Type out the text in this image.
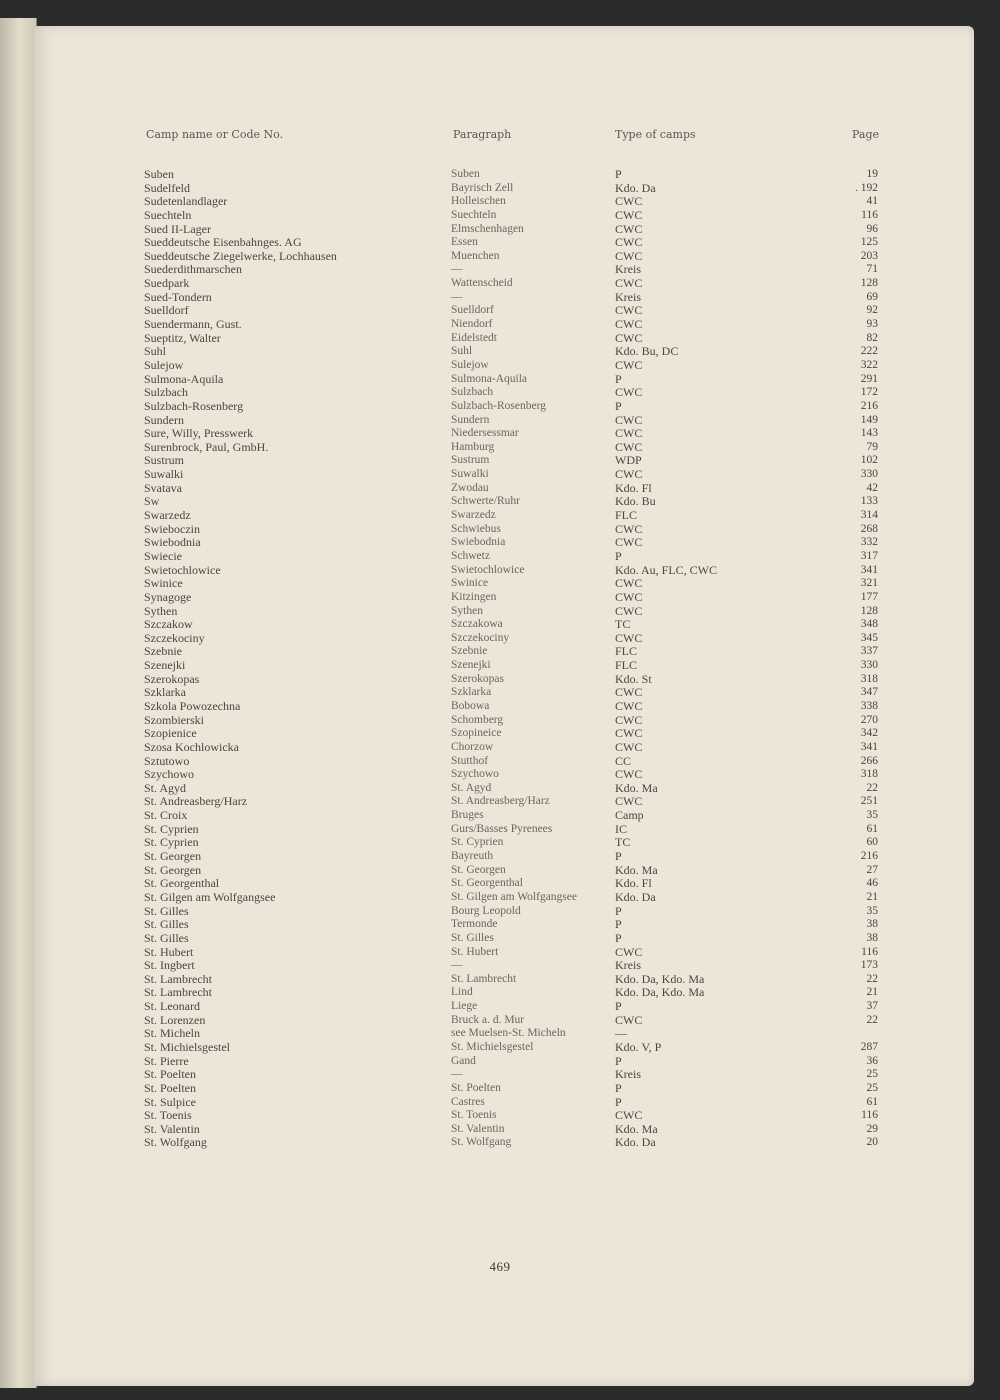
Camp name or Code No.	Paragraph	Type of camps	Page
Suben	Suben	P	19
Sudelfeld	Bayrisch Zell	Kdo. Da	. 192
Sudetenlandlager	Holleischen	CWC	41
Suechteln	Suechteln	CWC	116
Sued II-Lager	Elmschenhagen	CWC	96
Sueddeutsche Eisenbahnges. AG	Essen	CWC	125
Sueddeutsche Ziegelwerke, Lochhausen	Muenchen	CWC	203
Suederdithmarschen	—	Kreis	71
Suedpark	Wattenscheid	CWC	128
Sued-Tondern	—	Kreis	69
Suelldorf	Suelldorf	CWC	92
Suendermann, Gust.	Niendorf	CWC	93
Sueptitz, Walter	Eidelstedt	CWC	82
Suhl	Suhl	Kdo. Bu, DC	222
Sulejow	Sulejow	CWC	322
Sulmona-Aquila	Sulmona-Aquila	P	291
Sulzbach	Sulzbach	CWC	172
Sulzbach-Rosenberg	Sulzbach-Rosenberg	P	216
Sundern	Sundern	CWC	149
Sure, Willy, Presswerk	Niedersessmar	CWC	143
Surenbrock, Paul, GmbH.	Hamburg	CWC	79
Sustrum	Sustrum	WDP	102
Suwalki	Suwalki	CWC	330
Svatava	Zwodau	Kdo. Fl	42
Sw	Schwerte/Ruhr	Kdo. Bu	133
Swarzedz	Swarzedz	FLC	314
Swieboczin	Schwiebus	CWC	268
Swiebodnia	Swiebodnia	CWC	332
Swiecie	Schwetz	P	317
Swietochlowice	Swietochlowice	Kdo. Au, FLC, CWC	341
Swinice	Swinice	CWC	321
Synagoge	Kitzingen	CWC	177
Sythen	Sythen	CWC	128
Szczakow	Szczakowa	TC	348
Szczekociny	Szczekociny	CWC	345
Szebnie	Szebnie	FLC	337
Szenejki	Szenejki	FLC	330
Szerokopas	Szerokopas	Kdo. St	318
Szklarka	Szklarka	CWC	347
Szkola Powozechna	Bobowa	CWC	338
Szombierski	Schomberg	CWC	270
Szopienice	Szopineice	CWC	342
Szosa Kochlowicka	Chorzow	CWC	341
Sztutowo	Stutthof	CC	266
Szychowo	Szychowo	CWC	318
St. Agyd	St. Agyd	Kdo. Ma	22
St. Andreasberg/Harz	St. Andreasberg/Harz	CWC	251
St. Croix	Bruges	Camp	35
St. Cyprien	Gurs/Basses Pyrenees	IC	61
St. Cyprien	St. Cyprien	TC	60
St. Georgen	Bayreuth	P	216
St. Georgen	St. Georgen	Kdo. Ma	27
St. Georgenthal	St. Georgenthal	Kdo. Fl	46
St. Gilgen am Wolfgangsee	St. Gilgen am Wolfgangsee	Kdo. Da	21
St. Gilles	Bourg Leopold	P	35
St. Gilles	Termonde	P	38
St. Gilles	St. Gilles	P	38
St. Hubert	St. Hubert	CWC	116
St. Ingbert	—	Kreis	173
St. Lambrecht	St. Lambrecht	Kdo. Da, Kdo. Ma	22
St. Lambrecht	Lind	Kdo. Da, Kdo. Ma	21
St. Leonard	Liege	P	37
St. Lorenzen	Bruck a. d. Mur	CWC	22
St. Micheln	see Muelsen-St. Micheln	—
St. Michielsgestel	St. Michielsgestel	Kdo. V, P	287
St. Pierre	Gand	P	36
St. Poelten	—	Kreis	25
St. Poelten	St. Poelten	P	25
St. Sulpice	Castres	P	61
St. Toenis	St. Toenis	CWC	116
St. Valentin	St. Valentin	Kdo. Ma	29
St. Wolfgang	St. Wolfgang	Kdo. Da	20
469
